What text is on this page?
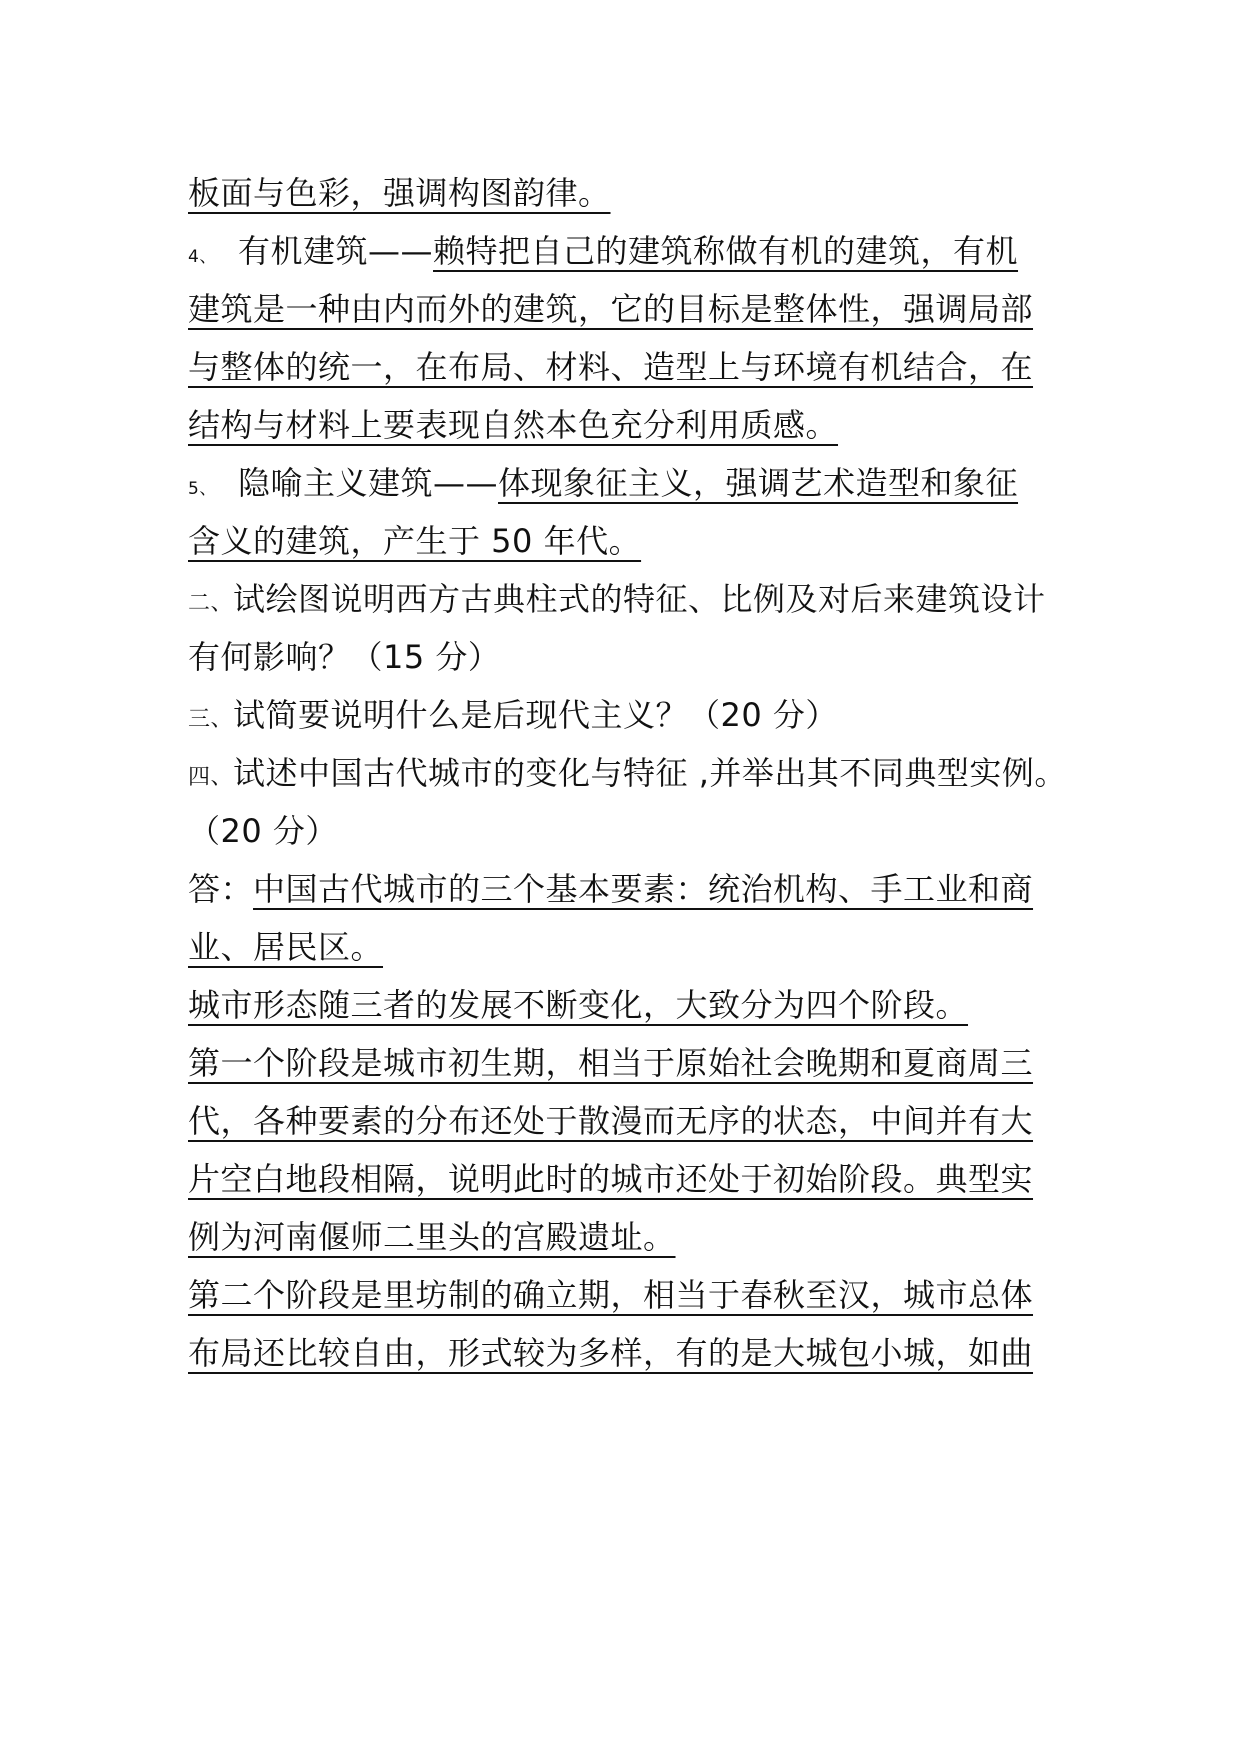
板面与色彩，强调构图韵律。
4、 有机建筑——赖特把自己的建筑称做有机的建筑，有机
建筑是一种由内而外的建筑，它的目标是整体性，强调局部
与整体的统一，在布局、材料、造型上与环境有机结合，在
结构与材料上要表现自然本色充分利用质感。
5、 隐喻主义建筑——体现象征主义，强调艺术造型和象征
含义的建筑，产生于 50 年代。
二、试绘图说明西方古典柱式的特征、比例及对后来建筑设计
有何影响？（15 分）
三、试简要说明什么是后现代主义？（20 分）
四、试述中国古代城市的变化与特征 ,并举出其不同典型实例。
（20 分）
答：中国古代城市的三个基本要素：统治机构、手工业和商
业、居民区。
城市形态随三者的发展不断变化，大致分为四个阶段。
第一个阶段是城市初生期，相当于原始社会晚期和夏商周三
代，各种要素的分布还处于散漫而无序的状态，中间并有大
片空白地段相隔，说明此时的城市还处于初始阶段。典型实
例为河南偃师二里头的宫殿遗址。
第二个阶段是里坊制的确立期，相当于春秋至汉，城市总体
布局还比较自由，形式较为多样，有的是大城包小城，如曲
